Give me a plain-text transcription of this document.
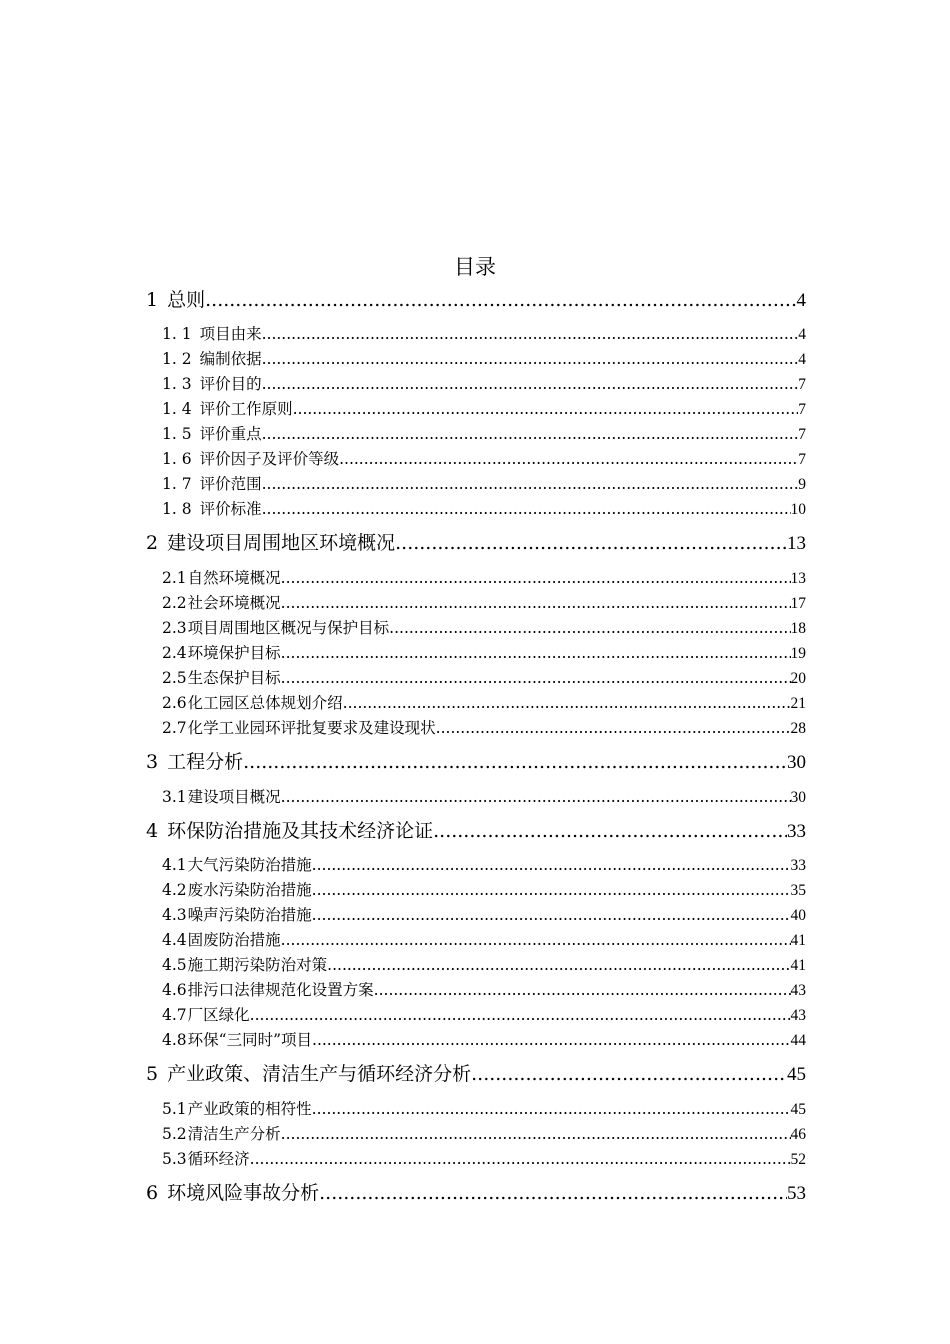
目录
1 总则 .....	4
1. 1 项目由来 .....	4
1. 2 编制依据 .....	4
1. 3 评价目的 .....	7
1. 4 评价工作原则 .....	7
1. 5 评价重点 .....	7
1. 6 评价因子及评价等级 .....	7
1. 7 评价范围 .....	9
1. 8 评价标准 .....	10
2 建设项目周围地区环境概况 .....	13
2.1 自然环境概况 .....	13
2.2 社会环境概况 .....	17
2.3 项目周围地区概况与保护目标 .....	18
2.4 环境保护目标 .....	19
2.5 生态保护目标 .....	20
2.6 化工园区总体规划介绍 .....	21
2.7 化学工业园环评批复要求及建设现状 .....	28
3 工程分析 .....	30
3.1 建设项目概况 .....	30
4 环保防治措施及其技术经济论证 .....	33
4.1 大气污染防治措施 .....	33
4.2 废水污染防治措施 .....	35
4.3 噪声污染防治措施 .....	40
4.4 固废防治措施 .....	41
4.5 施工期污染防治对策 .....	41
4.6 排污口法律规范化设置方案 .....	43
4.7 厂区绿化 .....	43
4.8 环保“三同时”项目 .....	44
5 产业政策、清洁生产与循环经济分析 .....	45
5.1 产业政策的相符性 .....	45
5.2 清洁生产分析 .....	46
5.3 循环经济 .....	52
6 环境风险事故分析 .....	53
